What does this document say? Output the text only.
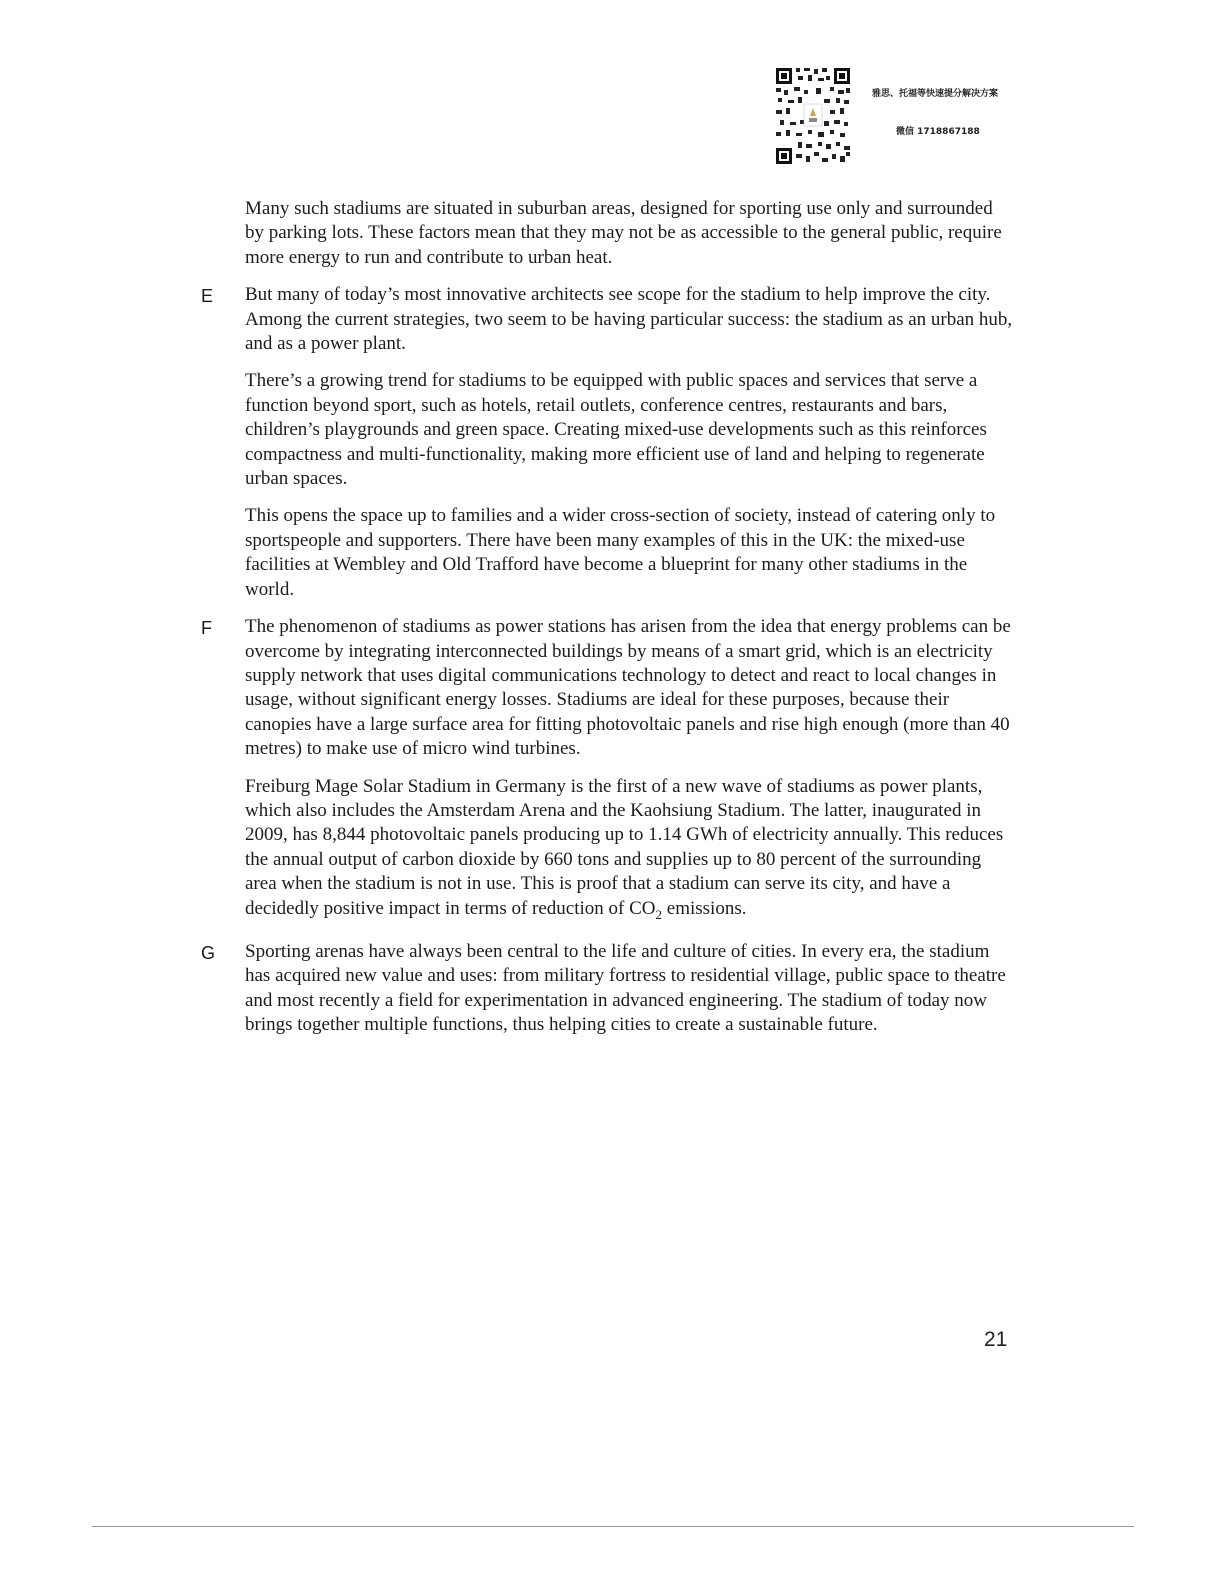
雅思、托福等快速提分解决方案
微信 1718867188

Many such stadiums are situated in suburban areas, designed for sporting use only and surrounded by parking lots. These factors mean that they may not be as accessible to the general public, require more energy to run and contribute to urban heat.

E But many of today’s most innovative architects see scope for the stadium to help improve the city. Among the current strategies, two seem to be having particular success: the stadium as an urban hub, and as a power plant.

There’s a growing trend for stadiums to be equipped with public spaces and services that serve a function beyond sport, such as hotels, retail outlets, conference centres, restaurants and bars, children’s playgrounds and green space. Creating mixed-use developments such as this reinforces compactness and multi-functionality, making more efficient use of land and helping to regenerate urban spaces.

This opens the space up to families and a wider cross-section of society, instead of catering only to sportspeople and supporters. There have been many examples of this in the UK: the mixed-use facilities at Wembley and Old Trafford have become a blueprint for many other stadiums in the world.

F The phenomenon of stadiums as power stations has arisen from the idea that energy problems can be overcome by integrating interconnected buildings by means of a smart grid, which is an electricity supply network that uses digital communications technology to detect and react to local changes in usage, without significant energy losses. Stadiums are ideal for these purposes, because their canopies have a large surface area for fitting photovoltaic panels and rise high enough (more than 40 metres) to make use of micro wind turbines.

Freiburg Mage Solar Stadium in Germany is the first of a new wave of stadiums as power plants, which also includes the Amsterdam Arena and the Kaohsiung Stadium. The latter, inaugurated in 2009, has 8,844 photovoltaic panels producing up to 1.14 GWh of electricity annually. This reduces the annual output of carbon dioxide by 660 tons and supplies up to 80 percent of the surrounding area when the stadium is not in use. This is proof that a stadium can serve its city, and have a decidedly positive impact in terms of reduction of $CO_2$ emissions.

G Sporting arenas have always been central to the life and culture of cities. In every era, the stadium has acquired new value and uses: from military fortress to residential village, public space to theatre and most recently a field for experimentation in advanced engineering. The stadium of today now brings together multiple functions, thus helping cities to create a sustainable future.

21
